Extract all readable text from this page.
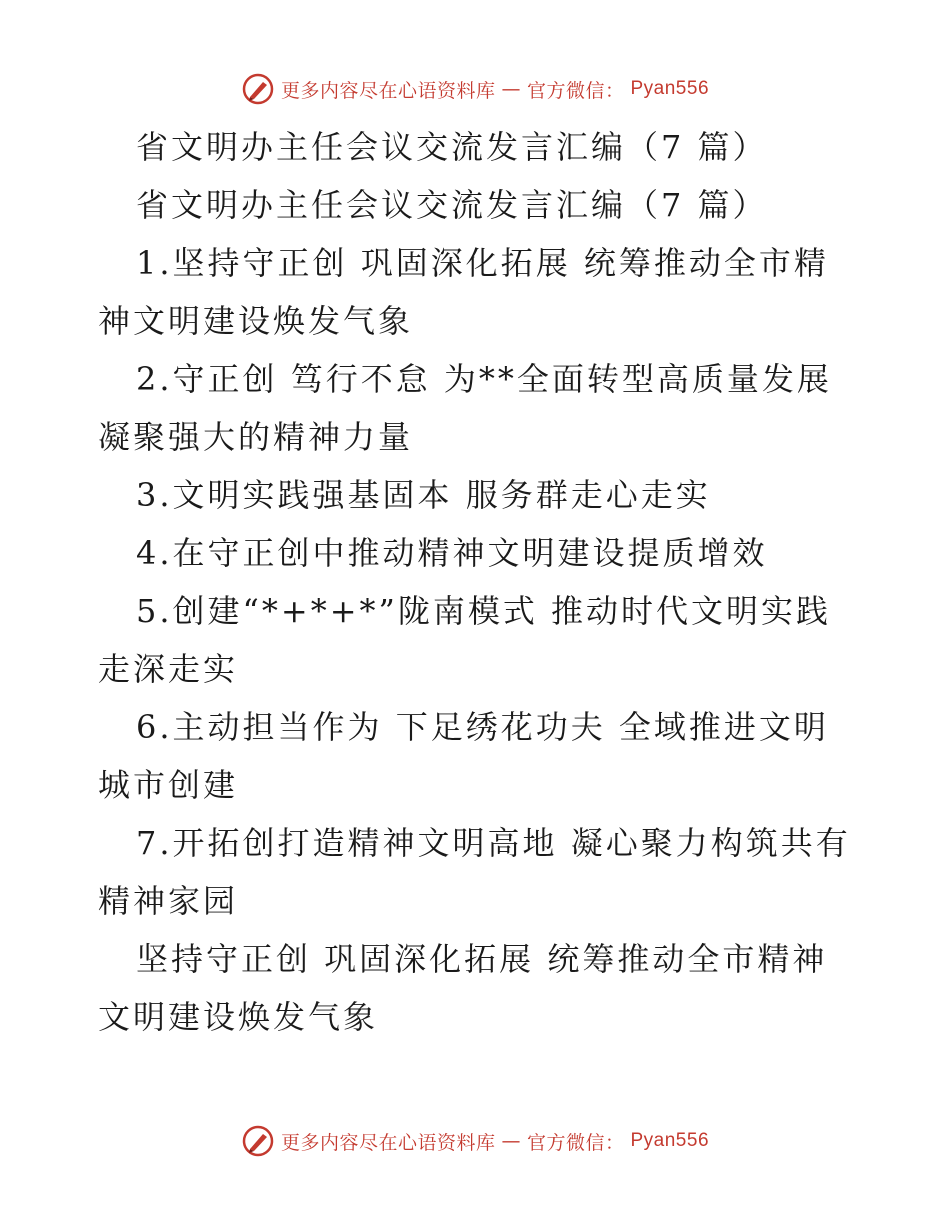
更多内容尽在心语资料库 — 官方微信： Pyan556

省文明办主任会议交流发言汇编（7 篇）

省文明办主任会议交流发言汇编（7 篇）

1.坚持守正创 巩固深化拓展 统筹推动全市精神文明建设焕发气象

2.守正创 笃行不怠 为**全面转型高质量发展凝聚强大的精神力量

3.文明实践强基固本 服务群走心走实

4.在守正创中推动精神文明建设提质增效

5.创建“*+*+*”陇南模式 推动时代文明实践走深走实

6.主动担当作为 下足绣花功夫 全域推进文明城市创建

7.开拓创打造精神文明高地 凝心聚力构筑共有精神家园

坚持守正创 巩固深化拓展 统筹推动全市精神文明建设焕发气象

更多内容尽在心语资料库 — 官方微信： Pyan556
